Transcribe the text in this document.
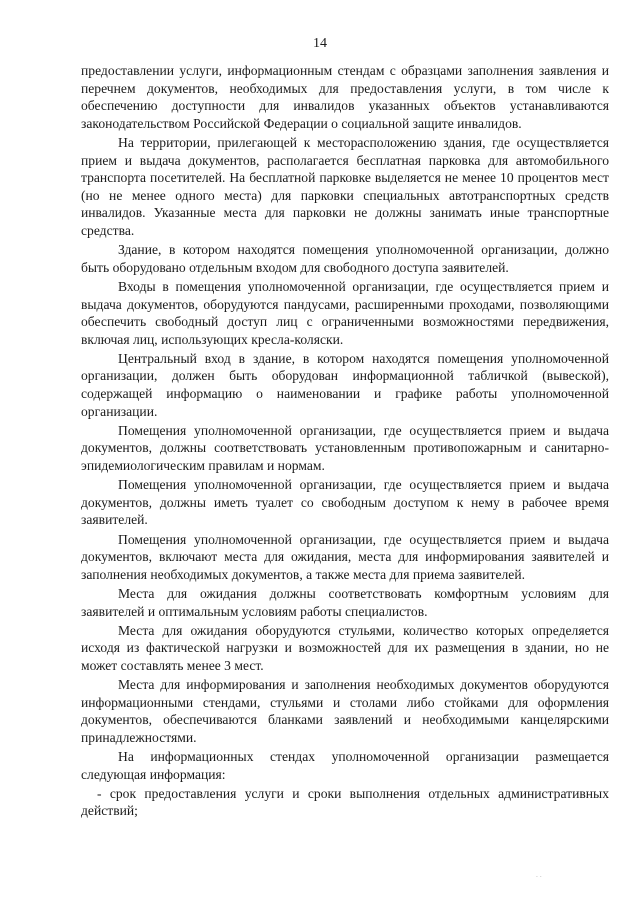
14

предоставлении услуги, информационным стендам с образцами заполнения заявления и перечнем документов, необходимых для предоставления услуги, в том числе к обеспечению доступности для инвалидов указанных объектов устанавливаются законодательством Российской Федерации о социальной защите инвалидов.

На территории, прилегающей к месторасположению здания, где осуществляется прием и выдача документов, располагается бесплатная парковка для автомобильного транспорта посетителей. На бесплатной парковке выделяется не менее 10 процентов мест (но не менее одного места) для парковки специальных автотранспортных средств инвалидов. Указанные места для парковки не должны занимать иные транспортные средства.

Здание, в котором находятся помещения уполномоченной организации, должно быть оборудовано отдельным входом для свободного доступа заявителей.

Входы в помещения уполномоченной организации, где осуществляется прием и выдача документов, оборудуются пандусами, расширенными проходами, позволяющими обеспечить свободный доступ лиц с ограниченными возможностями передвижения, включая лиц, использующих кресла-коляски.

Центральный вход в здание, в котором находятся помещения уполномоченной организации, должен быть оборудован информационной табличкой (вывеской), содержащей информацию о наименовании и графике работы уполномоченной организации.

Помещения уполномоченной организации, где осуществляется прием и выдача документов, должны соответствовать установленным противопожарным и санитарно-эпидемиологическим правилам и нормам.

Помещения уполномоченной организации, где осуществляется прием и выдача документов, должны иметь туалет со свободным доступом к нему в рабочее время заявителей.

Помещения уполномоченной организации, где осуществляется прием и выдача документов, включают места для ожидания, места для информирования заявителей и заполнения необходимых документов, а также места для приема заявителей.

Места для ожидания должны соответствовать комфортным условиям для заявителей и оптимальным условиям работы специалистов.

Места для ожидания оборудуются стульями, количество которых определяется исходя из фактической нагрузки и возможностей для их размещения в здании, но не может составлять менее 3 мест.

Места для информирования и заполнения необходимых документов оборудуются информационными стендами, стульями и столами либо стойками для оформления документов, обеспечиваются бланками заявлений и необходимыми канцелярскими принадлежностями.

На информационных стендах уполномоченной организации размещается следующая информация:

- срок предоставления услуги и сроки выполнения отдельных административных действий;

· ·
